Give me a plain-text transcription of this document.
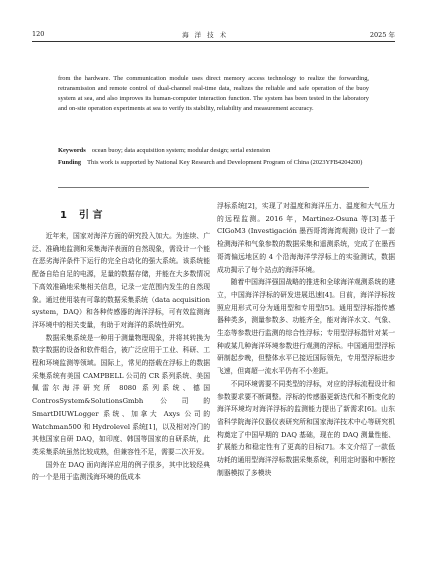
120	海洋技术	2025 年
from the hardware. The communication module uses direct memory access technology to realize the forwarding, retransmission and remote control of dual-channel real-time data, realizes the reliable and safe operation of the buoy system at sea, and also improves its human-computer interaction function. The system has been tested in the laboratory and on-site operation experiments at sea to verify its stability, reliability and measurement accuracy.
Keywords ocean buoy; data acquisition system; modular design; serial extension
Funding This work is supported by National Key Research and Development Program of China (2023YFB4204200)
1 引 言

近年来，国家对海洋方面的研究投入加大。为连续、广泛、准确地监测和采集海洋表面的自然现象，需设计一个能在恶劣海洋条件下运行的完全自动化的强大系统。该系统能配备自给自足的电源，足量的数据存储，并能在大多数情况下高效准确地采集相关信息，记录一定范围内发生的自然现象。通过使用装有可靠的数据采集系统（data acquisition system，DAQ）和各种传感器的海洋浮标，可有效监测海洋环境中的相关变量，有助于对海洋的系统性研究。

数据采集系统是一种用于测量物理现象，并将其转换为数字数据的设备和软件组合，被广泛应用于工业、科研、工程和环境监测等领域。国际上，常见的搭载在浮标上的数据采集系统有美国 CAMPBELL 公司的 CR 系列系统、美国佩雷尔海洋研究所 8080 系列系统、德国 ControsSystem&SolutionsGmbh 公司的 SmartDIUWLogger 系统、加拿大 Axys 公司的 Watchman500 和 Hydrolevel 系统[1]，以及相对冷门的其他国家自研 DAQ，如印度、韩国等国家的自研系统，此类采集系统虽然比较成熟，但兼容性不足，需要二次开发。

国外在 DAQ 面向海洋应用的例子很多，其中比较经典的一个是用于监测浅海环境的低成本

浮标系统[2]，实现了对温度和海洋压力、温度和大气压力的远程监测。2016 年，Martinez-Osuna 等[3]基于 CIGoM3 (Investigación 墨西哥湾海湾观测) 设计了一套检测海洋和气象参数的数据采集和遥测系统，完成了在墨西哥湾偏远地区的 4 个沿海海洋学浮标上的实验测试，数据成功揭示了每个站点的海洋环境。

随着中国海洋强国战略的推进和全球海洋观测系统的建立，中国海洋浮标的研发进展迅速[4]。目前，海洋浮标按照应用形式可分为通用型和专用型[5]。通用型浮标指传感器种类多，测量参数多、功能齐全，能对海洋水文、气象、生态等参数进行监测的综合性浮标；专用型浮标指针对某一种或某几种海洋环境参数进行观测的浮标。中国通用型浮标研制起步晚，但整体水平已接近国际领先，专用型浮标进步飞速，但离超一流水平仍有不小差距。

不同环境需要不同类型的浮标，对应的浮标流程设计和参数要求要不断调整。浮标的传感器更新迭代和不断变化的海洋环境均对海洋浮标的监测能力提出了新需求[6]。山东省科学院海洋仪器仪表研究所和国家海洋技术中心等研究机构奠定了中国早期的 DAQ 基础，现在的 DAQ 测量性能、扩展能力和稳定性有了更高的目标[7]。本文介绍了一款低功耗的通用型海洋浮标数据采集系统，利用定时器和中断控制器模拟了多模块
